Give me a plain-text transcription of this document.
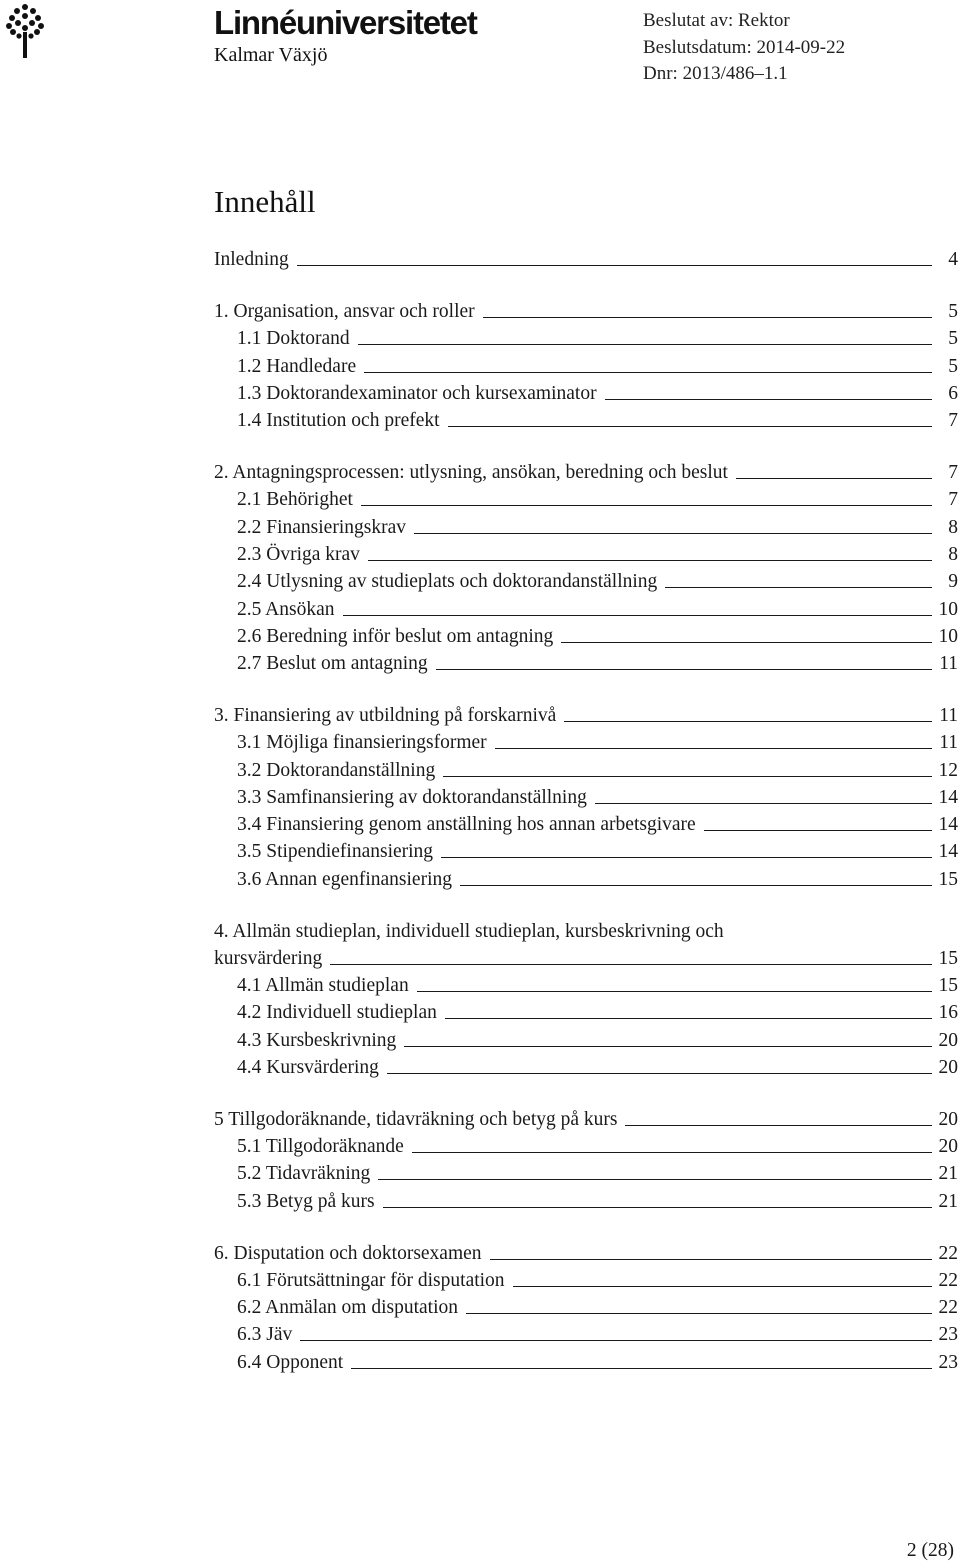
Linnéuniversitetet
Kalmar Växjö
Beslutat av: Rektor
Beslutsdatum: 2014-09-22
Dnr: 2013/486–1.1
Innehåll
Inledning	4
1. Organisation, ansvar och roller	5
1.1 Doktorand	5
1.2 Handledare	5
1.3 Doktorandexaminator och kursexaminator	6
1.4 Institution och prefekt	7
2. Antagningsprocessen: utlysning, ansökan, beredning och beslut	7
2.1 Behörighet	7
2.2 Finansieringskrav	8
2.3 Övriga krav	8
2.4 Utlysning av studieplats och doktorandanställning	9
2.5 Ansökan	10
2.6 Beredning inför beslut om antagning	10
2.7 Beslut om antagning	11
3. Finansiering av utbildning på forskarnivå	11
3.1 Möjliga finansieringsformer	11
3.2 Doktorandanställning	12
3.3 Samfinansiering av doktorandanställning	14
3.4 Finansiering genom anställning hos annan arbetsgivare	14
3.5 Stipendiefinansiering	14
3.6 Annan egenfinansiering	15
4. Allmän studieplan, individuell studieplan, kursbeskrivning och
kursvärdering	15
4.1 Allmän studieplan	15
4.2 Individuell studieplan	16
4.3 Kursbeskrivning	20
4.4 Kursvärdering	20
5 Tillgodoräknande, tidavräkning och betyg på kurs	20
5.1 Tillgodoräknande	20
5.2 Tidavräkning	21
5.3 Betyg på kurs	21
6. Disputation och doktorsexamen	22
6.1 Förutsättningar för disputation	22
6.2 Anmälan om disputation	22
6.3 Jäv	23
6.4 Opponent	23
2 (28)
